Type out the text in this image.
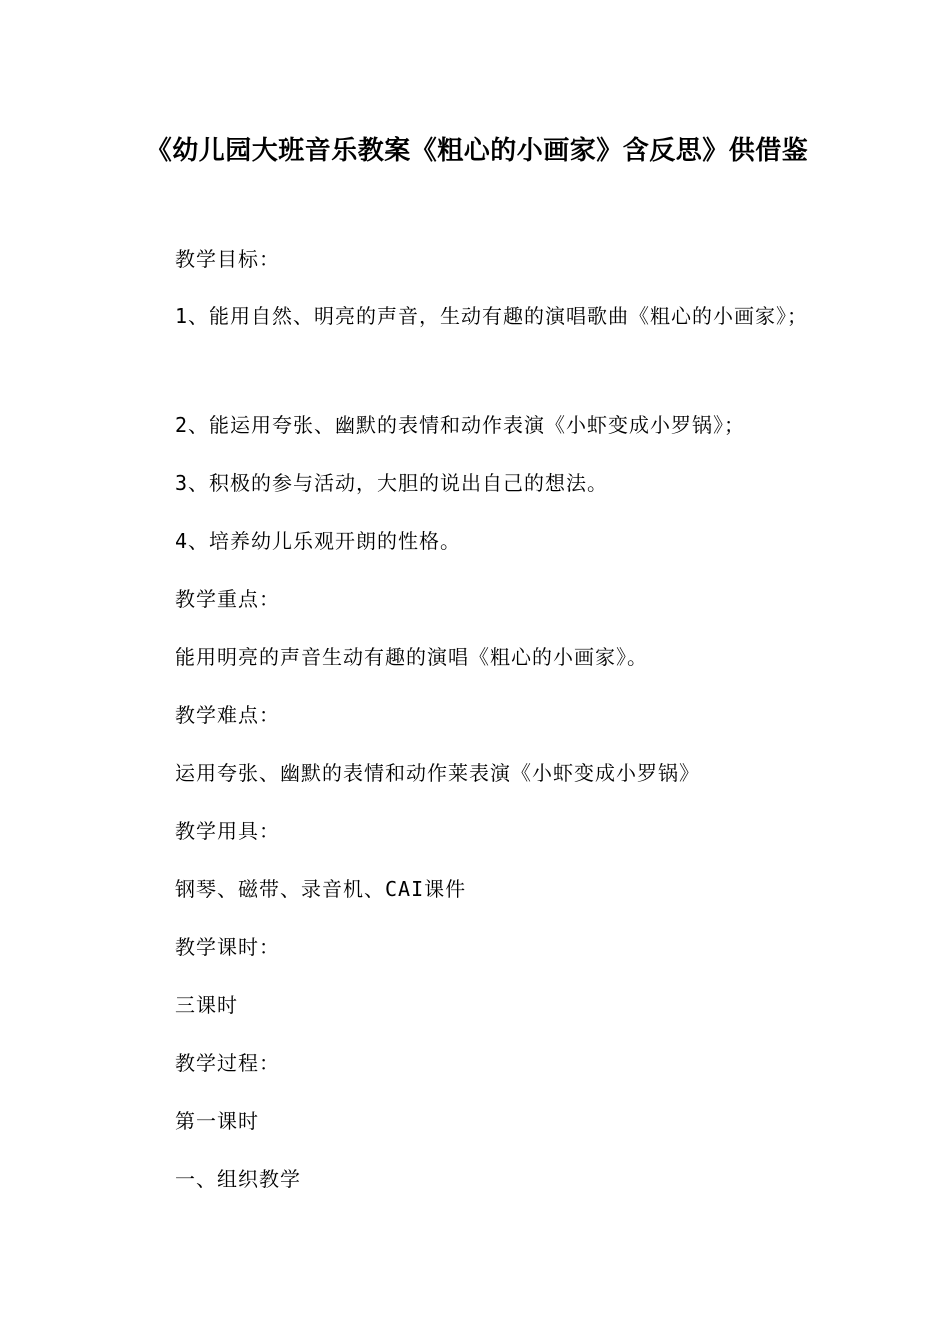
《幼儿园大班音乐教案《粗心的小画家》含反思》供借鉴
教学目标：
1、能用自然、明亮的声音，生动有趣的演唱歌曲《粗心的小画家》；
2、能运用夸张、幽默的表情和动作表演《小虾变成小罗锅》；
3、积极的参与活动，大胆的说出自己的想法。
4、培养幼儿乐观开朗的性格。
教学重点：
能用明亮的声音生动有趣的演唱《粗心的小画家》。
教学难点：
运用夸张、幽默的表情和动作莱表演《小虾变成小罗锅》
教学用具：
钢琴、磁带、录音机、CAI课件
教学课时：
三课时
教学过程：
第一课时
一、组织教学
